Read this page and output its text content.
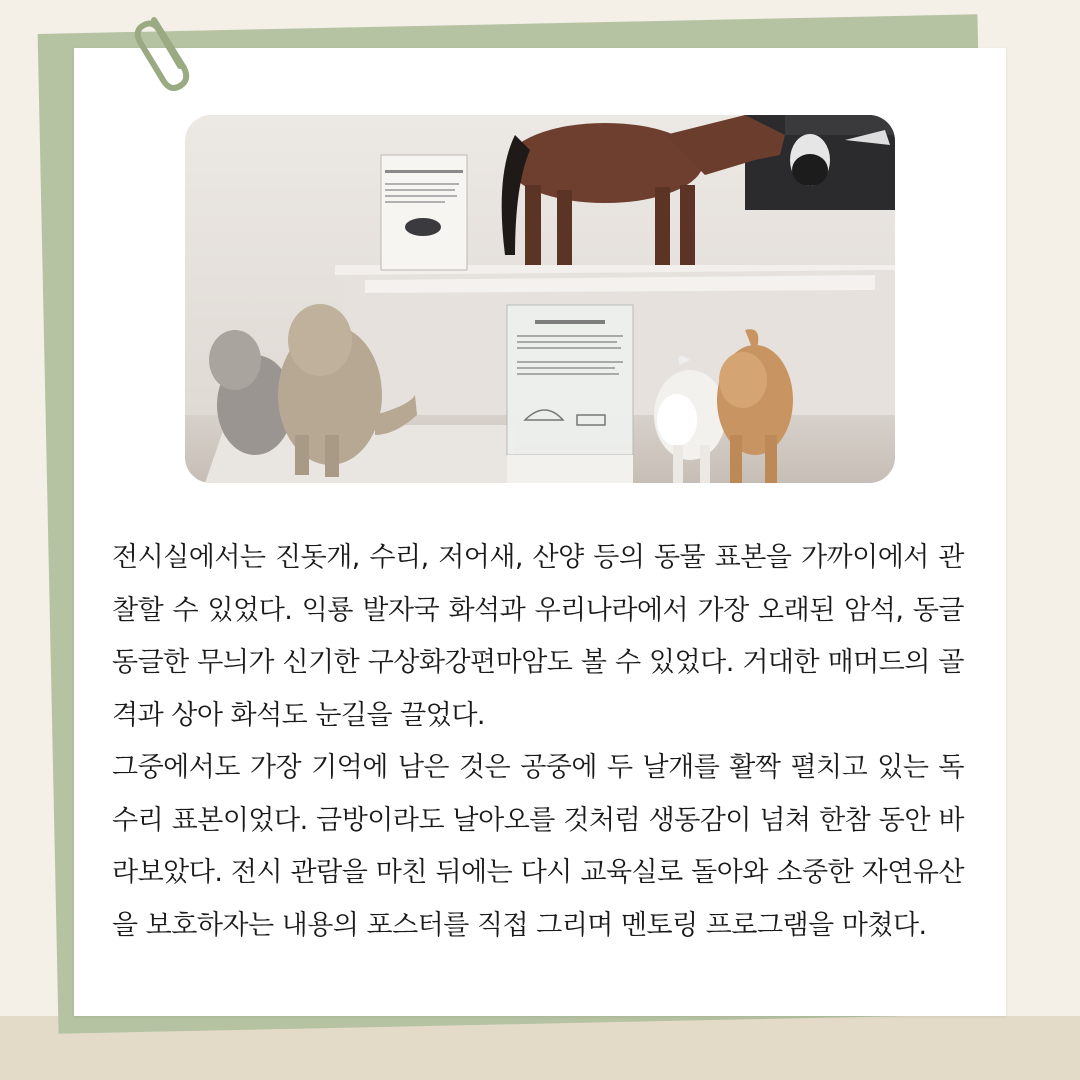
전시실에서는 진돗개, 수리, 저어새, 산양 등의 동물 표본을 가까이에서 관찰할 수 있었다. 익룡 발자국 화석과 우리나라에서 가장 오래된 암석, 동글동글한 무늬가 신기한 구상화강편마암도 볼 수 있었다. 거대한 매머드의 골격과 상아 화석도 눈길을 끌었다.

그중에서도 가장 기억에 남은 것은 공중에 두 날개를 활짝 펼치고 있는 독수리 표본이었다. 금방이라도 날아오를 것처럼 생동감이 넘쳐 한참 동안 바라보았다. 전시 관람을 마친 뒤에는 다시 교육실로 돌아와 소중한 자연유산을 보호하자는 내용의 포스터를 직접 그리며 멘토링 프로그램을 마쳤다.
